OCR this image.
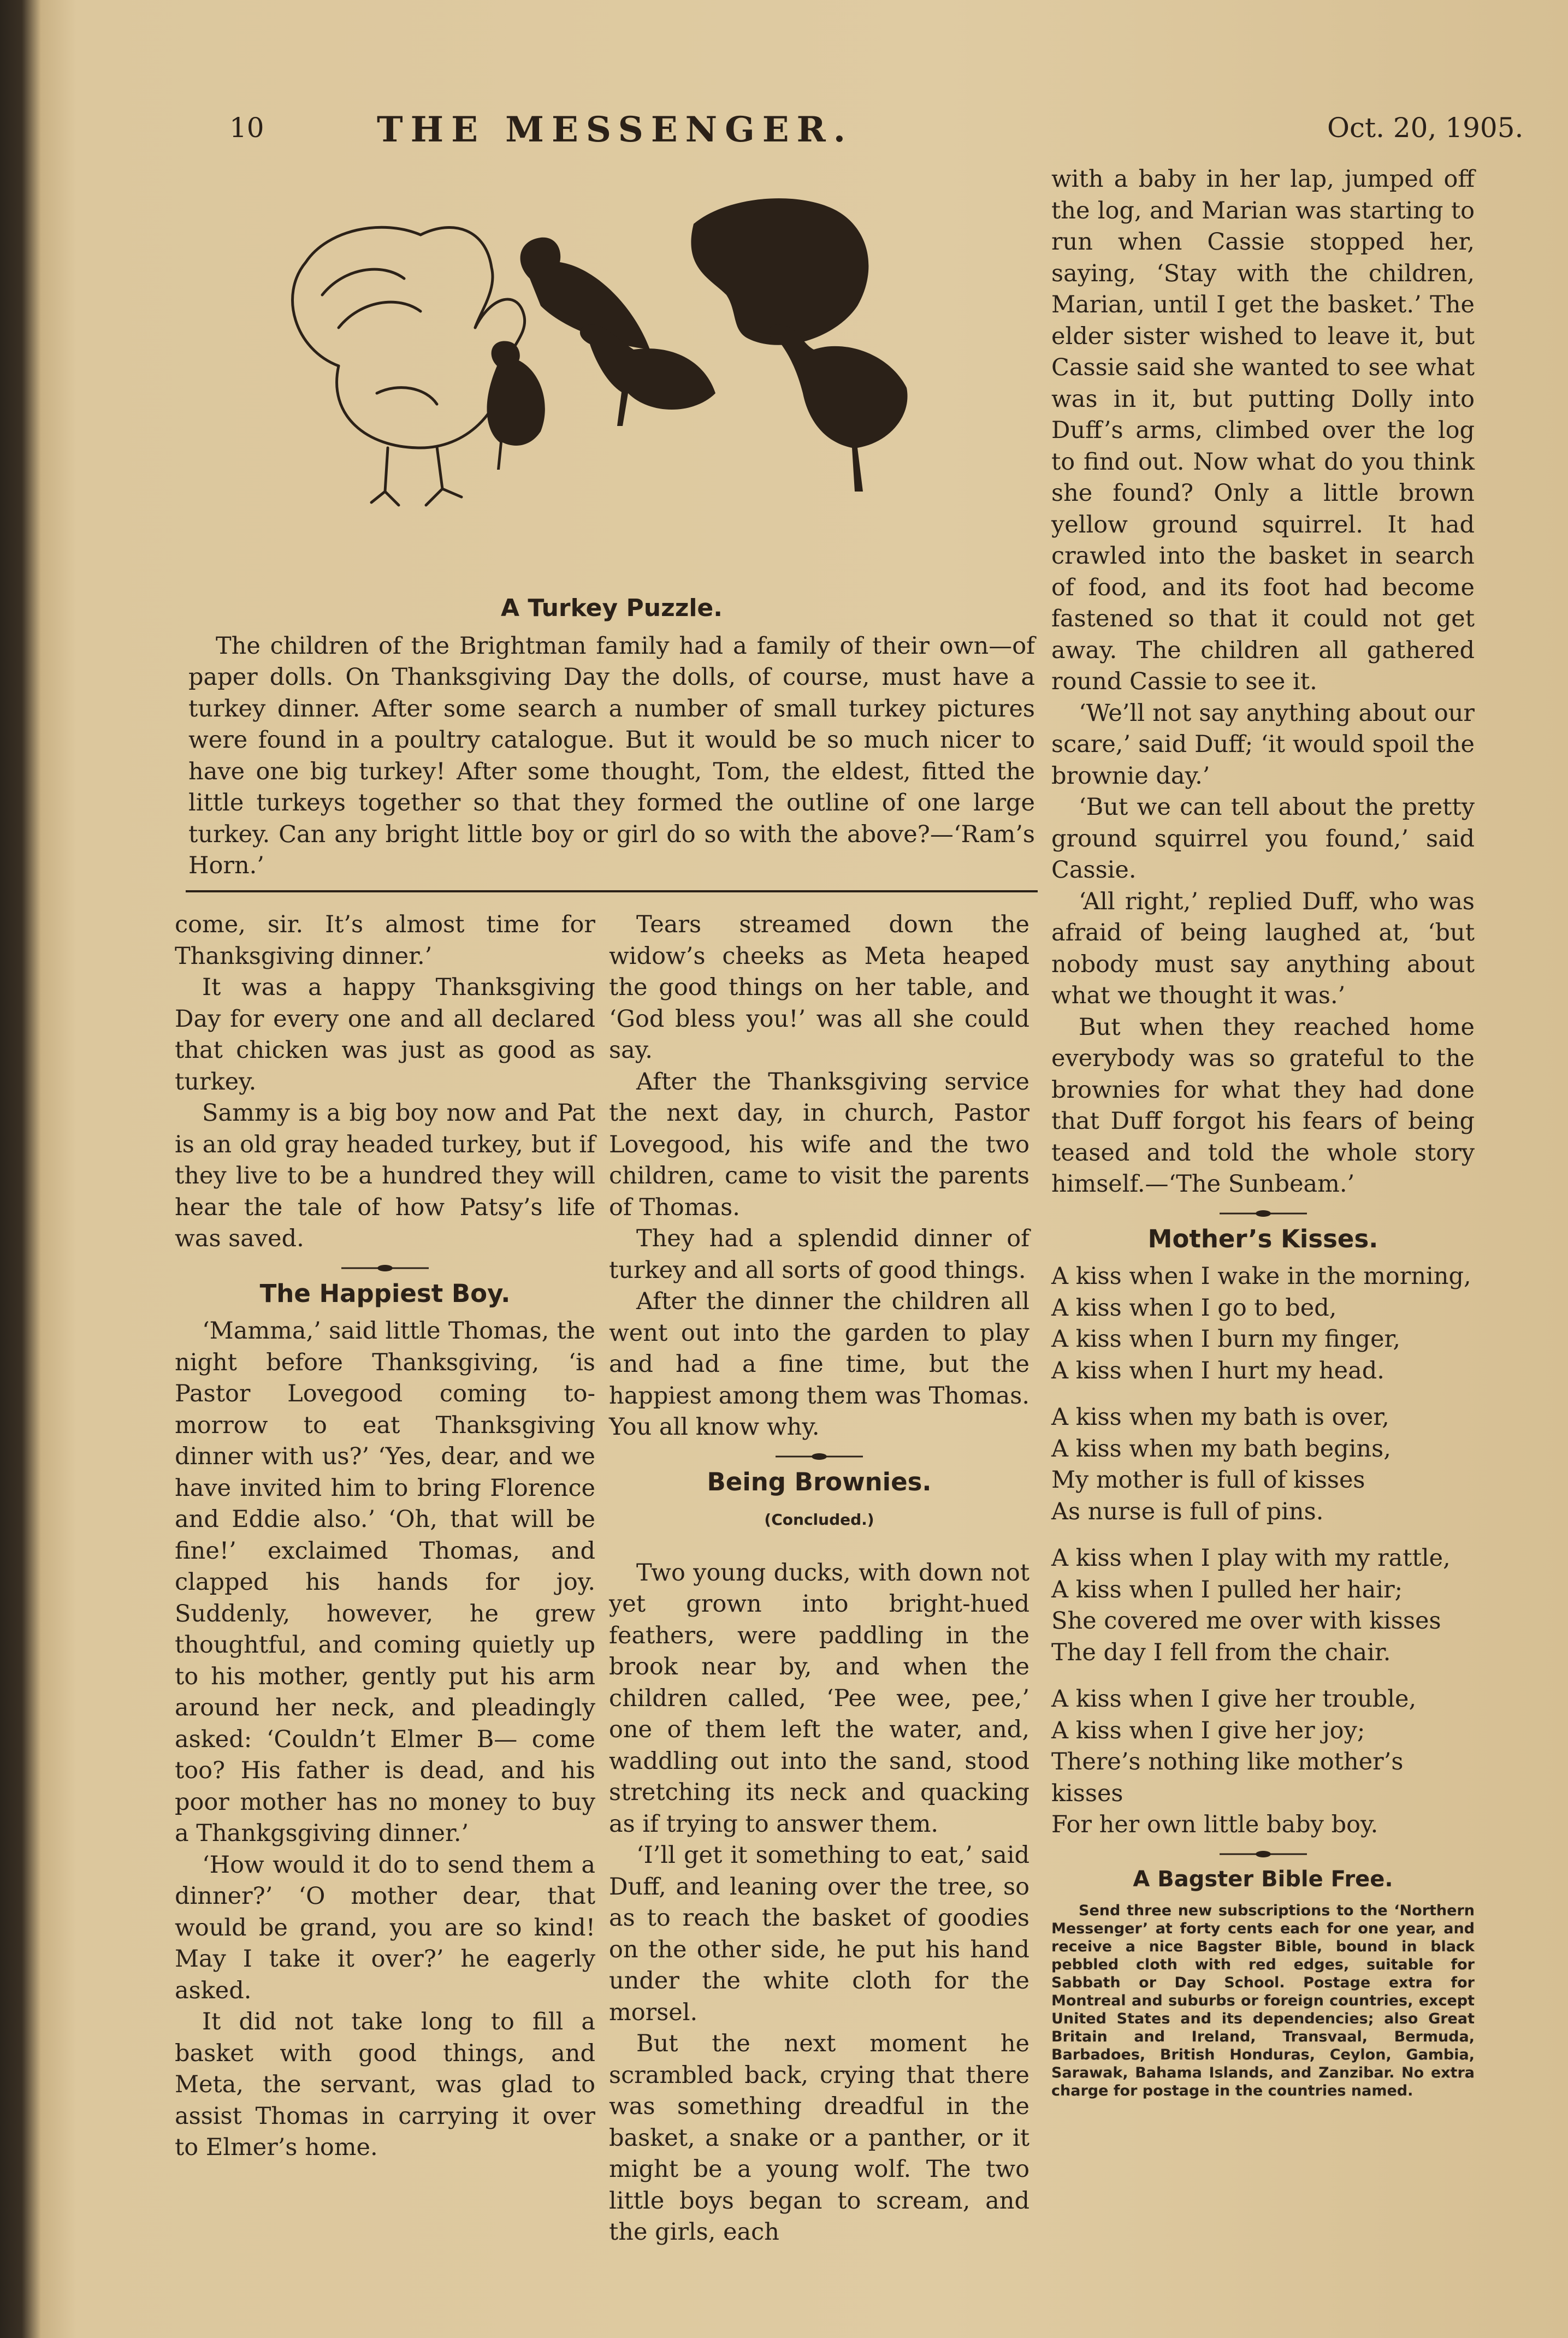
10	THE MESSENGER.	Oct. 20, 1905.
A Turkey Puzzle.

The children of the Brightman family had a family of their own—of paper dolls. On Thanksgiving Day the dolls, of course, must have a turkey dinner. After some search a number of small turkey pictures were found in a poultry catalogue. But it would be so much nicer to have one big turkey! After some thought, Tom, the eldest, fitted the little turkeys together so that they formed the outline of one large turkey. Can any bright little boy or girl do so with the above?—‘Ram’s Horn.’

come, sir. It’s almost time for Thanksgiving dinner.’

It was a happy Thanksgiving Day for every one and all declared that chicken was just as good as turkey.

Sammy is a big boy now and Pat is an old gray headed turkey, but if they live to be a hundred they will hear the tale of how Patsy’s life was saved.

The Happiest Boy.

‘Mamma,’ said little Thomas, the night before Thanksgiving, ‘is Pastor Lovegood coming to-morrow to eat Thanksgiving dinner with us?’ ‘Yes, dear, and we have invited him to bring Florence and Eddie also.’ ‘Oh, that will be fine!’ exclaimed Thomas, and clapped his hands for joy. Suddenly, however, he grew thoughtful, and coming quietly up to his mother, gently put his arm around her neck, and pleadingly asked: ‘Couldn’t Elmer B— come too? His father is dead, and his poor mother has no money to buy a Thankgsgiving dinner.’

‘How would it do to send them a dinner?’ ‘O mother dear, that would be grand, you are so kind! May I take it over?’ he eagerly asked.

It did not take long to fill a basket with good things, and Meta, the servant, was glad to assist Thomas in carrying it over to Elmer’s home.

Tears streamed down the widow’s cheeks as Meta heaped the good things on her table, and ‘God bless you!’ was all she could say.

After the Thanksgiving service the next day, in church, Pastor Lovegood, his wife and the two children, came to visit the parents of Thomas.

They had a splendid dinner of turkey and all sorts of good things.

After the dinner the children all went out into the garden to play and had a fine time, but the happiest among them was Thomas. You all know why.

Being Brownies.
(Concluded.)

Two young ducks, with down not yet grown into bright-hued feathers, were paddling in the brook near by, and when the children called, ‘Pee wee, pee,’ one of them left the water, and, waddling out into the sand, stood stretching its neck and quacking as if trying to answer them.

‘I’ll get it something to eat,’ said Duff, and leaning over the tree, so as to reach the basket of goodies on the other side, he put his hand under the white cloth for the morsel.

But the next moment he scrambled back, crying that there was something dreadful in the basket, a snake or a panther, or it might be a young wolf. The two little boys began to scream, and the girls, each

with a baby in her lap, jumped off the log, and Marian was starting to run when Cassie stopped her, saying, ‘Stay with the children, Marian, until I get the basket.’ The elder sister wished to leave it, but Cassie said she wanted to see what was in it, but putting Dolly into Duff’s arms, climbed over the log to find out. Now what do you think she found? Only a little brown yellow ground squirrel. It had crawled into the basket in search of food, and its foot had become fastened so that it could not get away. The children all gathered round Cassie to see it.

‘We’ll not say anything about our scare,’ said Duff; ‘it would spoil the brownie day.’

‘But we can tell about the pretty ground squirrel you found,’ said Cassie.

‘All right,’ replied Duff, who was afraid of being laughed at, ‘but nobody must say anything about what we thought it was.’

But when they reached home everybody was so grateful to the brownies for what they had done that Duff forgot his fears of being teased and told the whole story himself.—‘The Sunbeam.’

Mother’s Kisses.

A kiss when I wake in the morning,

A kiss when I go to bed,

A kiss when I burn my finger,

A kiss when I hurt my head.

A kiss when my bath is over,

A kiss when my bath begins,

My mother is full of kisses

As nurse is full of pins.

A kiss when I play with my rattle,

A kiss when I pulled her hair;

She covered me over with kisses

The day I fell from the chair.

A kiss when I give her trouble,

A kiss when I give her joy;

There’s nothing like mother’s kisses

For her own little baby boy.

A Bagster Bible Free.

Send three new subscriptions to the ‘Northern Messenger’ at forty cents each for one year, and receive a nice Bagster Bible, bound in black pebbled cloth with red edges, suitable for Sabbath or Day School. Postage extra for Montreal and suburbs or foreign countries, except United States and its dependencies; also Great Britain and Ireland, Transvaal, Bermuda, Barbadoes, British Honduras, Ceylon, Gambia, Sarawak, Bahama Islands, and Zanzibar. No extra charge for postage in the countries named.
